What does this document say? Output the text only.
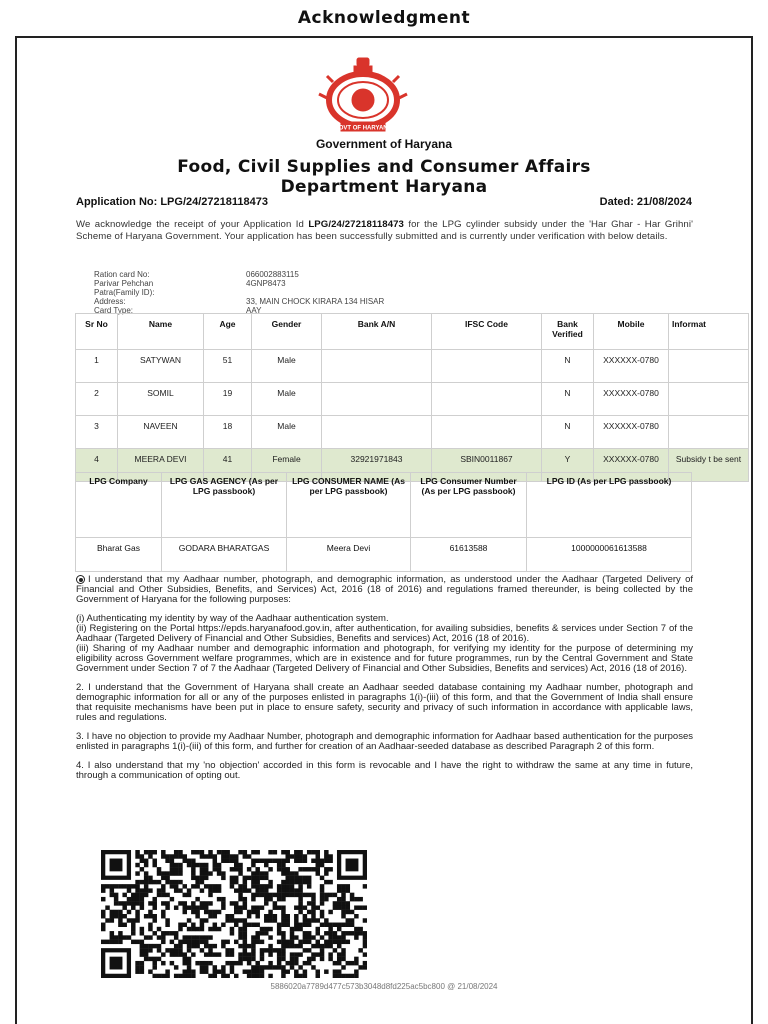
Acknowledgment
GOVT OF HARYANA
Government of Haryana
Food, Civil Supplies and Consumer Affairs
Department Haryana
Application No: LPG/24/27218118473	Dated: 21/08/2024
We acknowledge the receipt of your Application Id LPG/24/27218118473 for the LPG cylinder subsidy under the 'Har Ghar - Har Grihni' Scheme of Haryana Government. Your application has been successfully submitted and is currently under verification with below details.
Ration card No:	066002883115
Parivar Pehchan	4GNP8473
Patra(Family ID):
Address:	33, MAIN CHOCK KIRARA 134 HISAR
Card Type:	AAY
Sr No	Name	Age	Gender	Bank A/N	IFSC Code	Bank Verified	Mobile	Informat
1	SATYWAN	51	Male			N	XXXXXX-0780	
2	SOMIL	19	Male			N	XXXXXX-0780	
3	NAVEEN	18	Male			N	XXXXXX-0780	
4	MEERA DEVI	41	Female	32921971843	SBIN0011867	Y	XXXXXX-0780	Subsidy t be sent
LPG Company	LPG GAS AGENCY (As per LPG passbook)	LPG CONSUMER NAME (As per LPG passbook)	LPG Consumer Number (As per LPG passbook)	LPG ID (As per LPG passbook)
Bharat Gas	GODARA BHARATGAS	Meera Devi	61613588	1000000061613588

I understand that my Aadhaar number, photograph, and demographic information, as understood under the Aadhaar (Targeted Delivery of Financial and Other Subsidies, Benefits, and Services) Act, 2016 (18 of 2016) and regulations framed thereunder, is being collected by the Government of Haryana for the following purposes:

(i) Authenticating my identity by way of the Aadhaar authentication system.
(ii) Registering on the Portal https://epds.haryanafood.gov.in, after authentication, for availing subsidies, benefits & services under Section 7 of the Aadhaar (Targeted Delivery of Financial and Other Subsidies, Benefits and services) Act, 2016 (18 of 2016).
(iii) Sharing of my Aadhaar number and demographic information and photograph, for verifying my identity for the purpose of determining my eligibility across Government welfare programmes, which are in existence and for future programmes, run by the Central Government and State Government under Section 7 of 7 the Aadhaar (Targeted Delivery of Financial and Other Subsidies, Benefits and services) Act, 2016 (18 of 2016).

2. I understand that the Government of Haryana shall create an Aadhaar seeded database containing my Aadhaar number, photograph and demographic information for all or any of the purposes enlisted in paragraphs 1(i)-(iii) of this form, and that the Government of India shall ensure that requisite mechanisms have been put in place to ensure safety, security and privacy of such information in accordance with applicable laws, rules and regulations.

3. I have no objection to provide my Aadhaar Number, photograph and demographic information for Aadhaar based authentication for the purposes enlisted in paragraphs 1(i)-(iii) of this form, and further for creation of an Aadhaar-seeded database as described Paragraph 2 of this form.

4. I also understand that my 'no objection' accorded in this form is revocable and I have the right to withdraw the same at any time in future, through a communication of opting out.

5886020a7789d477c573b3048d8fd225ac5bc800 @ 21/08/2024
